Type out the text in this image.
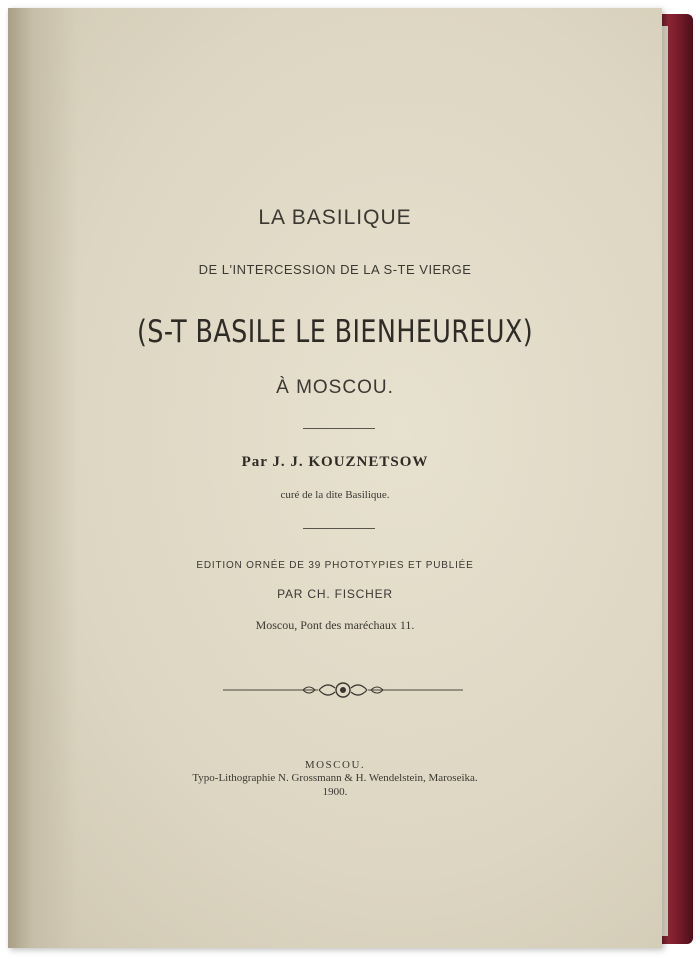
LA BASILIQUE
DE L'INTERCESSION DE LA S-TE VIERGE
(S-T BASILE LE BIENHEUREUX)
À MOSCOU.
Par J. J. KOUZNETSOW
curé de la dite Basilique.
EDITION ORNÉE DE 39 PHOTOTYPIES ET PUBLIÉE
PAR CH. FISCHER
Moscou, Pont des maréchaux 11.
MOSCOU.
Typo-Lithographie N. Grossmann & H. Wendelstein, Maroseika.
1900.
